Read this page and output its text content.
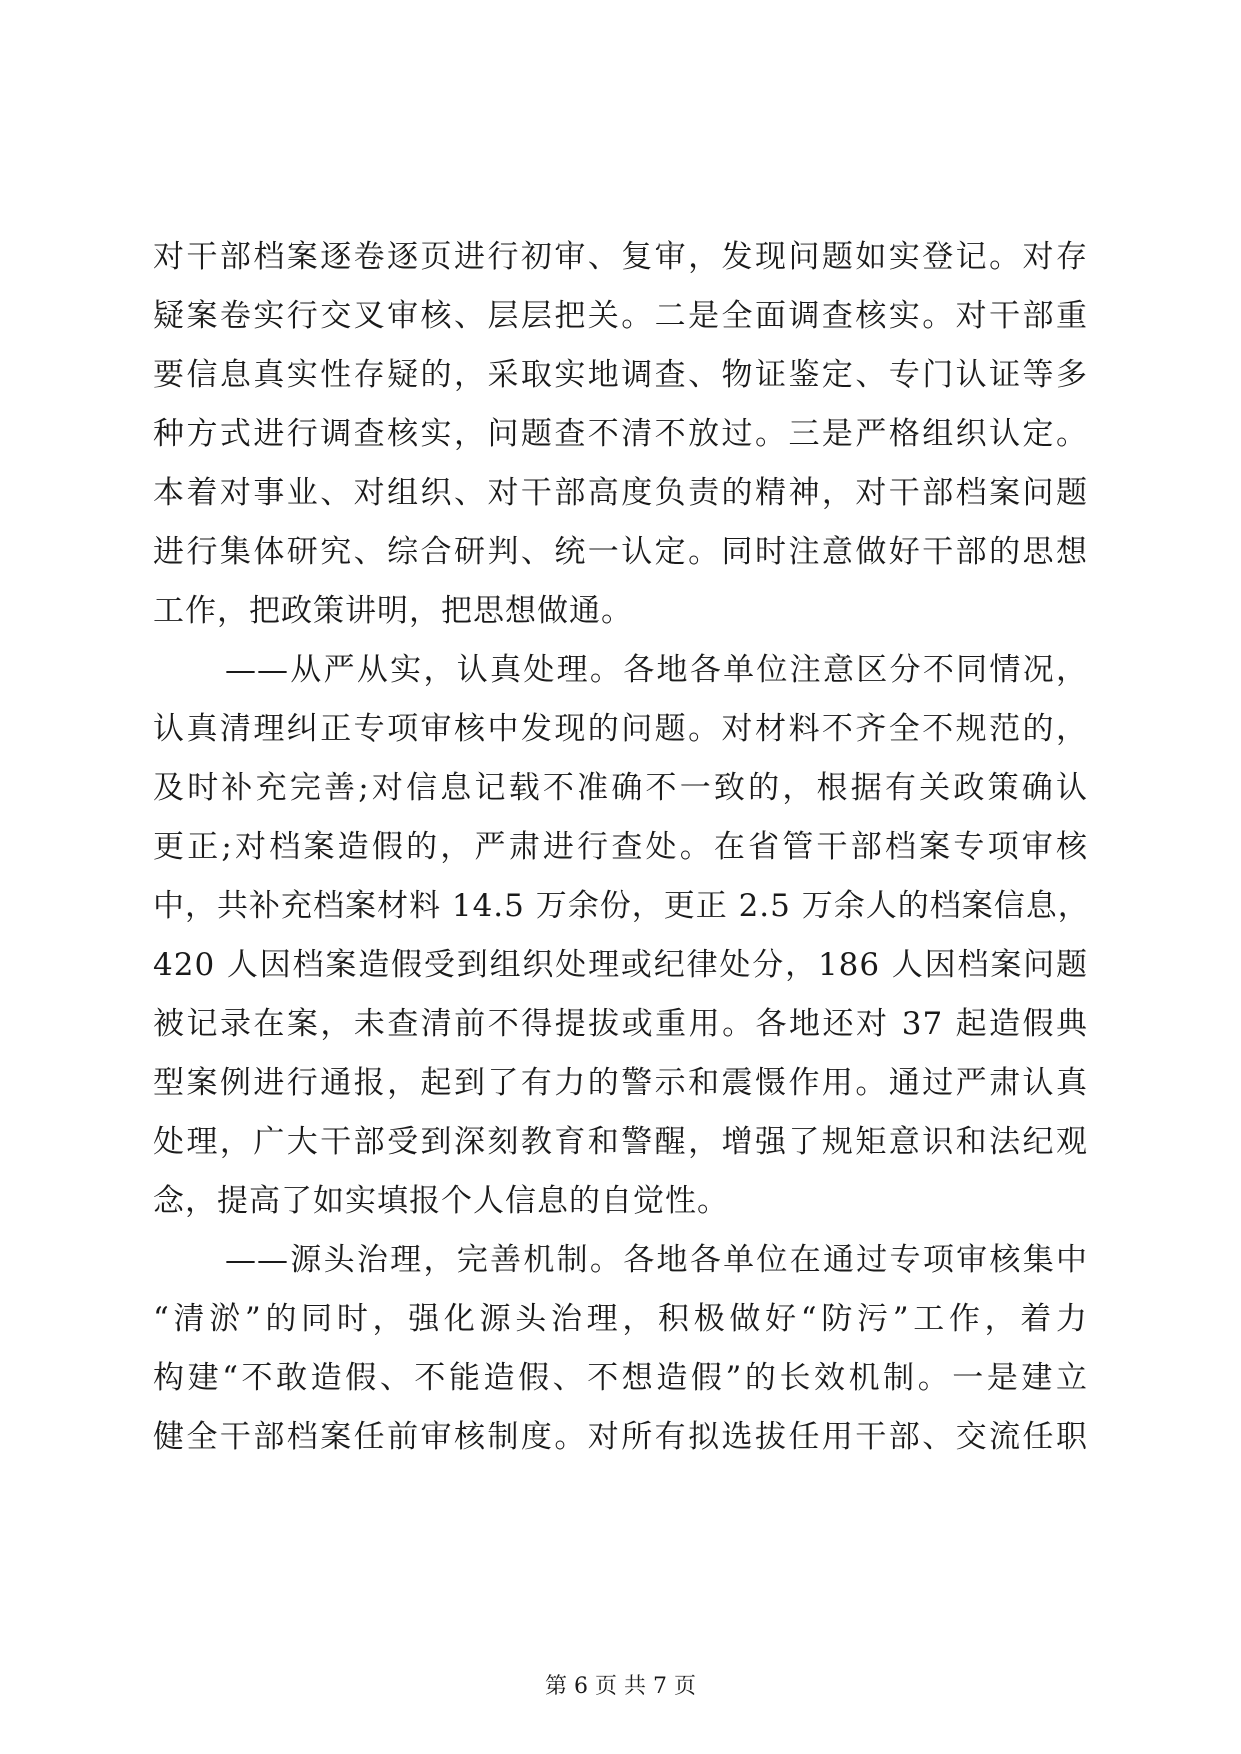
对干部档案逐卷逐页进行初审、复审，发现问题如实登记。对存
疑案卷实行交叉审核、层层把关。二是全面调查核实。对干部重
要信息真实性存疑的，采取实地调查、物证鉴定、专门认证等多
种方式进行调查核实，问题查不清不放过。三是严格组织认定。
本着对事业、对组织、对干部高度负责的精神，对干部档案问题
进行集体研究、综合研判、统一认定。同时注意做好干部的思想
工作，把政策讲明，把思想做通。
——从严从实，认真处理。各地各单位注意区分不同情况，
认真清理纠正专项审核中发现的问题。对材料不齐全不规范的，
及时补充完善;对信息记载不准确不一致的，根据有关政策确认
更正;对档案造假的，严肃进行查处。在省管干部档案专项审核
中，共补充档案材料 14.5 万余份，更正 2.5 万余人的档案信息，
420 人因档案造假受到组织处理或纪律处分，186 人因档案问题
被记录在案，未查清前不得提拔或重用。各地还对 37 起造假典
型案例进行通报，起到了有力的警示和震慑作用。通过严肃认真
处理，广大干部受到深刻教育和警醒，增强了规矩意识和法纪观
念，提高了如实填报个人信息的自觉性。
——源头治理，完善机制。各地各单位在通过专项审核集中
“清淤”的同时，强化源头治理，积极做好“防污”工作，着力
构建“不敢造假、不能造假、不想造假”的长效机制。一是建立
健全干部档案任前审核制度。对所有拟选拔任用干部、交流任职
第 6 页 共 7 页
